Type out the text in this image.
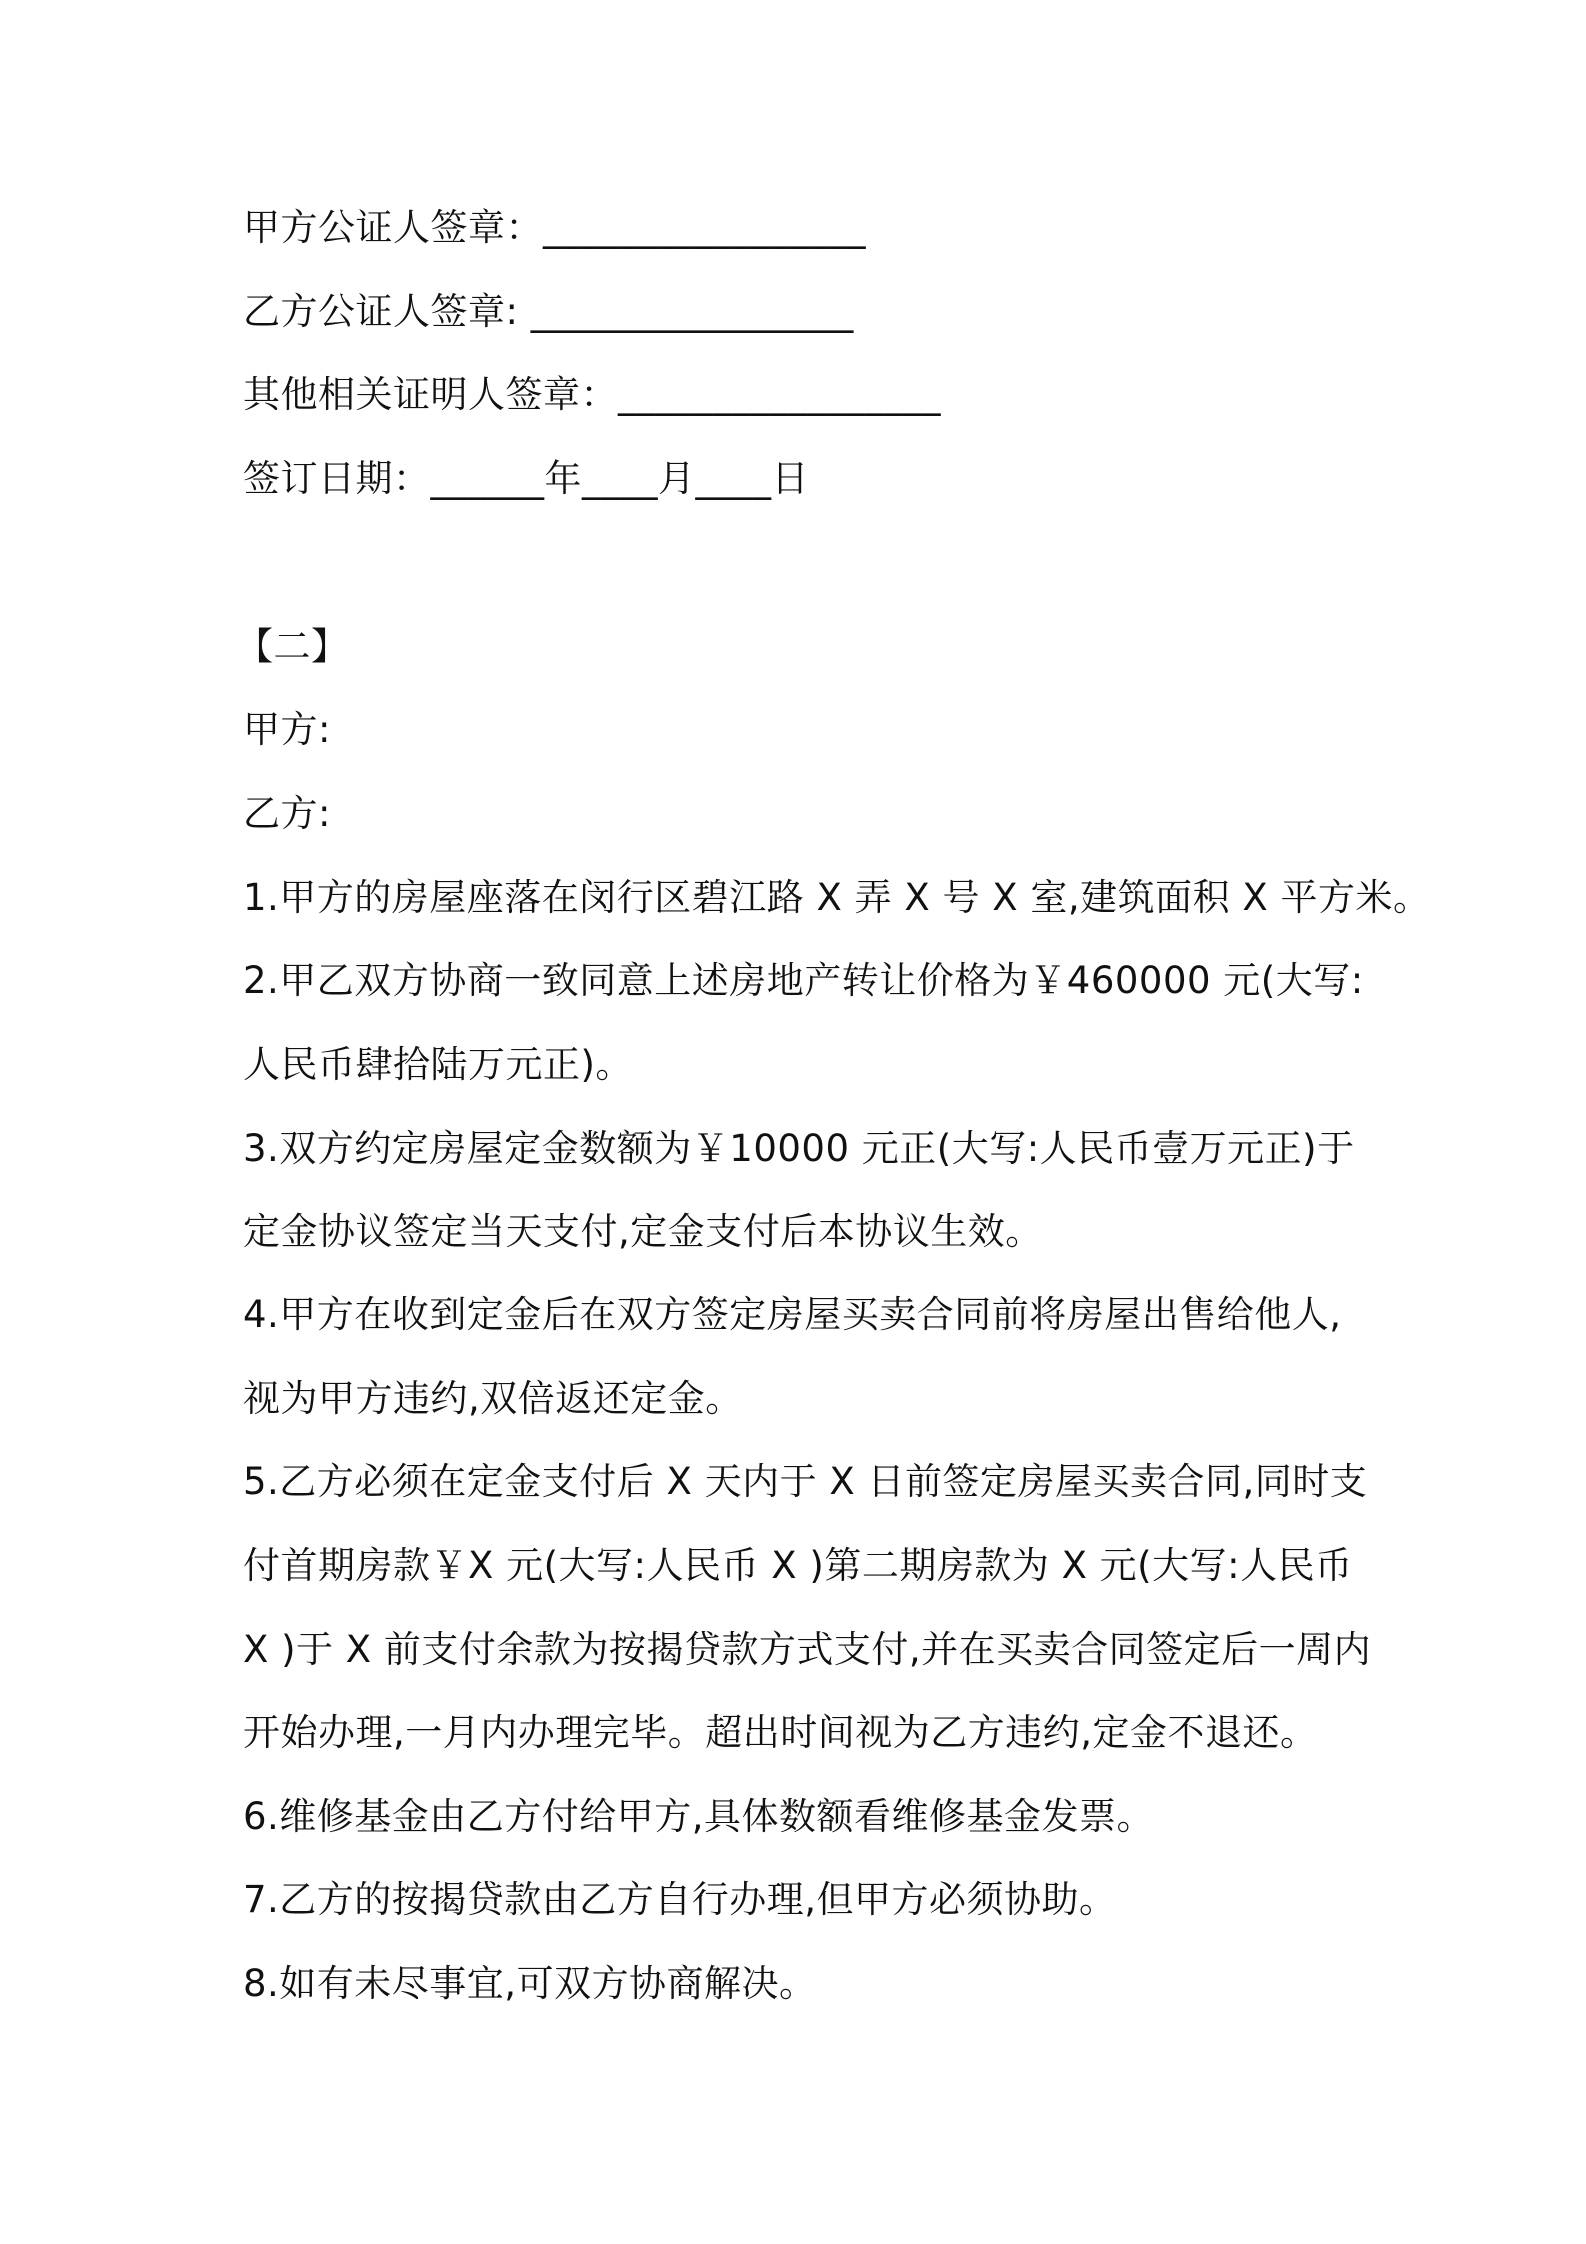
甲方公证人签章：_________________
乙方公证人签章: _________________
其他相关证明人签章：_________________
签订日期：______年____月____日
【二】
甲方:
乙方:
1.甲方的房屋座落在闵行区碧江路 X 弄 X 号 X 室,建筑面积 X 平方米。
2.甲乙双方协商一致同意上述房地产转让价格为￥460000 元(大写:
人民币肆拾陆万元正)。
3.双方约定房屋定金数额为￥10000 元正(大写:人民币壹万元正)于
定金协议签定当天支付,定金支付后本协议生效。
4.甲方在收到定金后在双方签定房屋买卖合同前将房屋出售给他人,
视为甲方违约,双倍返还定金。
5.乙方必须在定金支付后 X 天内于 X 日前签定房屋买卖合同,同时支
付首期房款￥X 元(大写:人民币 X )第二期房款为 X 元(大写:人民币
X )于 X 前支付余款为按揭贷款方式支付,并在买卖合同签定后一周内
开始办理,一月内办理完毕。超出时间视为乙方违约,定金不退还。
6.维修基金由乙方付给甲方,具体数额看维修基金发票。
7.乙方的按揭贷款由乙方自行办理,但甲方必须协助。
8.如有未尽事宜,可双方协商解决。
